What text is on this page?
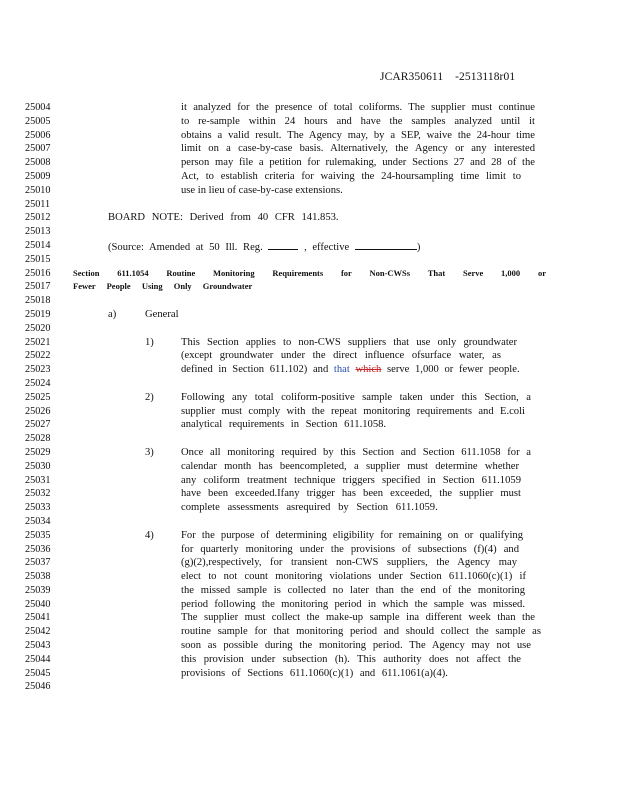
JCAR350611    -2513118r01
25004	it analyzed for the presence of total coliforms. The supplier must continue
25005	to re-sample within 24 hours and have the samples analyzed until it
25006	obtains a valid result. The Agency may, by a SEP, waive the 24-hour time
25007	limit on a case-by-case basis. Alternatively, the Agency or any interested
25008	person may file a petition for rulemaking, under Sections 27 and 28 of the
25009	Act, to establish criteria for waiving the 24-hoursampling time limit to
25010	use in lieu of case-by-case extensions.
25011
25012	BOARD NOTE: Derived from 40 CFR 141.853.
25013
25014	(Source: Amended at 50 Ill. Reg.	, effective	)
25015
25016	Section 611.1054 Routine Monitoring Requirements for Non-CWSs That Serve 1,000 or
25017	Fewer People Using Only Groundwater
25018
25019	a)	General
25020
25021	1)	This Section applies to non-CWS suppliers that use only groundwater
25022	(except groundwater under the direct influence ofsurface water, as
25023	defined in Section 611.102) and that which serve 1,000 or fewer people.
25024
25025	2)	Following any total coliform-positive sample taken under this Section, a
25026	supplier must comply with the repeat monitoring requirements and E.coli
25027	analytical requirements in Section 611.1058.
25028
25029	3)	Once all monitoring required by this Section and Section 611.1058 for a
25030	calendar month has beencompleted, a supplier must determine whether
25031	any coliform treatment technique triggers specified in Section 611.1059
25032	have been exceeded.Ifany trigger has been exceeded, the supplier must
25033	complete assessments asrequired by Section 611.1059.
25034
25035	4)	For the purpose of determining eligibility for remaining on or qualifying
25036	for quarterly monitoring under the provisions of subsections (f)(4) and
25037	(g)(2),respectively, for transient non-CWS suppliers, the Agency may
25038	elect to not count monitoring violations under Section 611.1060(c)(1) if
25039	the missed sample is collected no later than the end of the monitoring
25040	period following the monitoring period in which the sample was missed.
25041	The supplier must collect the make-up sample ina different week than the
25042	routine sample for that monitoring period and should collect the sample as
25043	soon as possible during the monitoring period. The Agency may not use
25044	this provision under subsection (h). This authority does not affect the
25045	provisions of Sections 611.1060(c)(1) and 611.1061(a)(4).
25046
